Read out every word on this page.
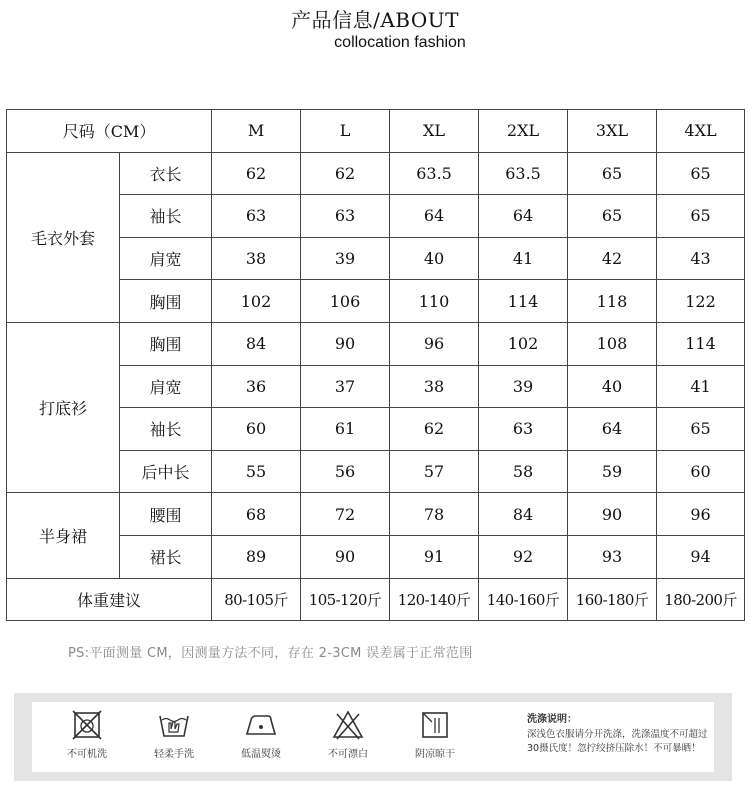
产品信息/ABOUT
collocation fashion
尺码（CM）		M	L	XL	2XL	3XL	4XL
毛衣外套	衣长	62	62	63.5	63.5	65	65
	袖长	63	63	64	64	65	65
	肩宽	38	39	40	41	42	43
	胸围	102	106	110	114	118	122
打底衫	胸围	84	90	96	102	108	114
	肩宽	36	37	38	39	40	41
	袖长	60	61	62	63	64	65
	后中长	55	56	57	58	59	60
半身裙	腰围	68	72	78	84	90	96
	裙长	89	90	91	92	93	94
体重建议		80-105斤	105-120斤	120-140斤	140-160斤	160-180斤	180-200斤
PS:平面测量 CM，因测量方法不同，存在 2-3CM 误差属于正常范围
不可机洗	轻柔手洗	低温熨烫	不可漂白	阴凉晾干
洗涤说明：
深浅色衣服请分开洗涤，洗涤温度不可超过30摄氏度！忽拧绞挤压除水！不可暴晒！
